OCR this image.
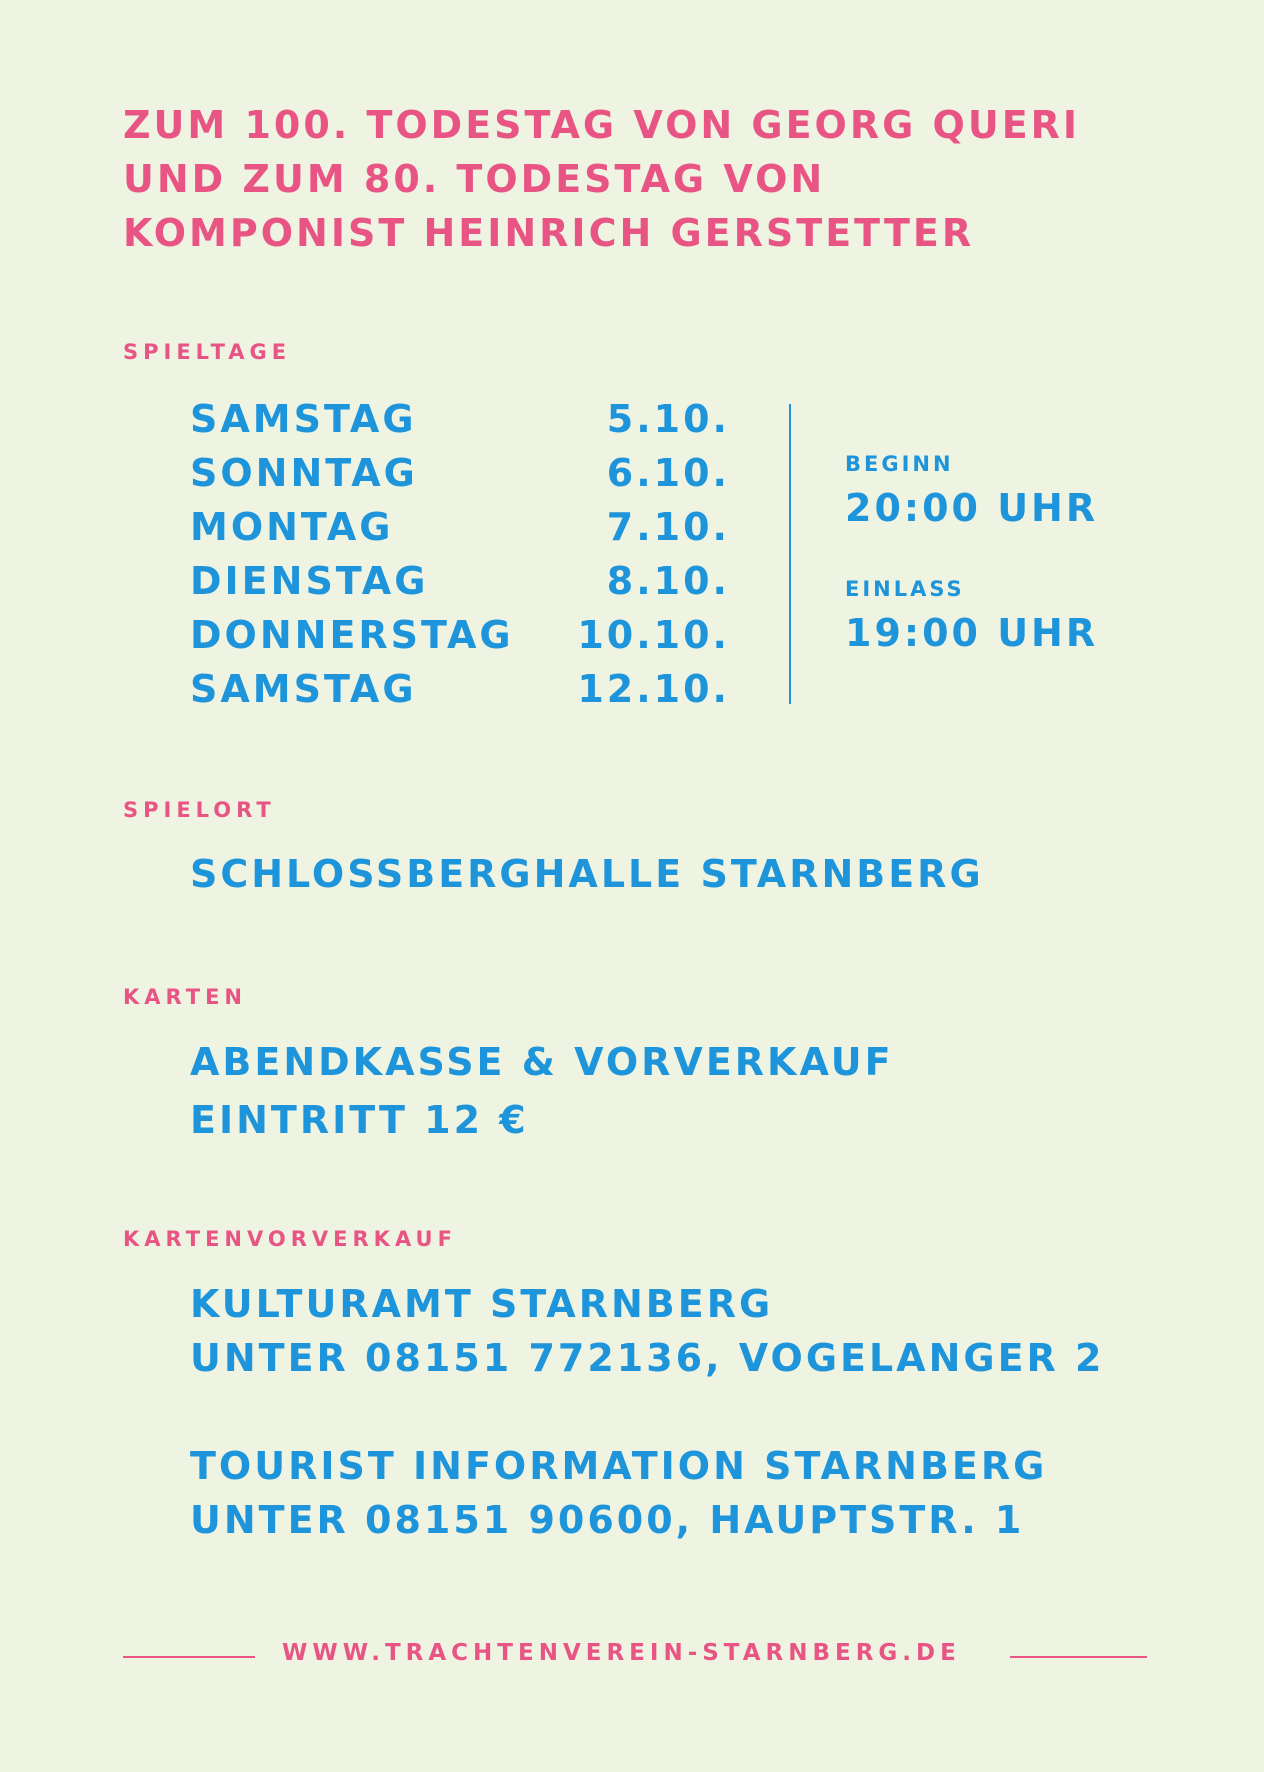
ZUM 100. TODESTAG VON GEORG QUERI
UND ZUM 80. TODESTAG VON
KOMPONIST HEINRICH GERSTETTER
SPIELTAGE
SAMSTAG	5.10.
SONNTAG	6.10.
MONTAG	7.10.
DIENSTAG	8.10.
DONNERSTAG 10.10.
SAMSTAG	12.10.
BEGINN
20:00 UHR
EINLASS
19:00 UHR
SPIELORT
SCHLOSSBERGHALLE STARNBERG
KARTEN
ABENDKASSE & VORVERKAUF
EINTRITT 12 €
KARTENVORVERKAUF
KULTURAMT STARNBERG
UNTER 08151 772136, VOGELANGER 2
TOURIST INFORMATION STARNBERG
UNTER 08151 90600, HAUPTSTR. 1
WWW.TRACHTENVEREIN-STARNBERG.DE
